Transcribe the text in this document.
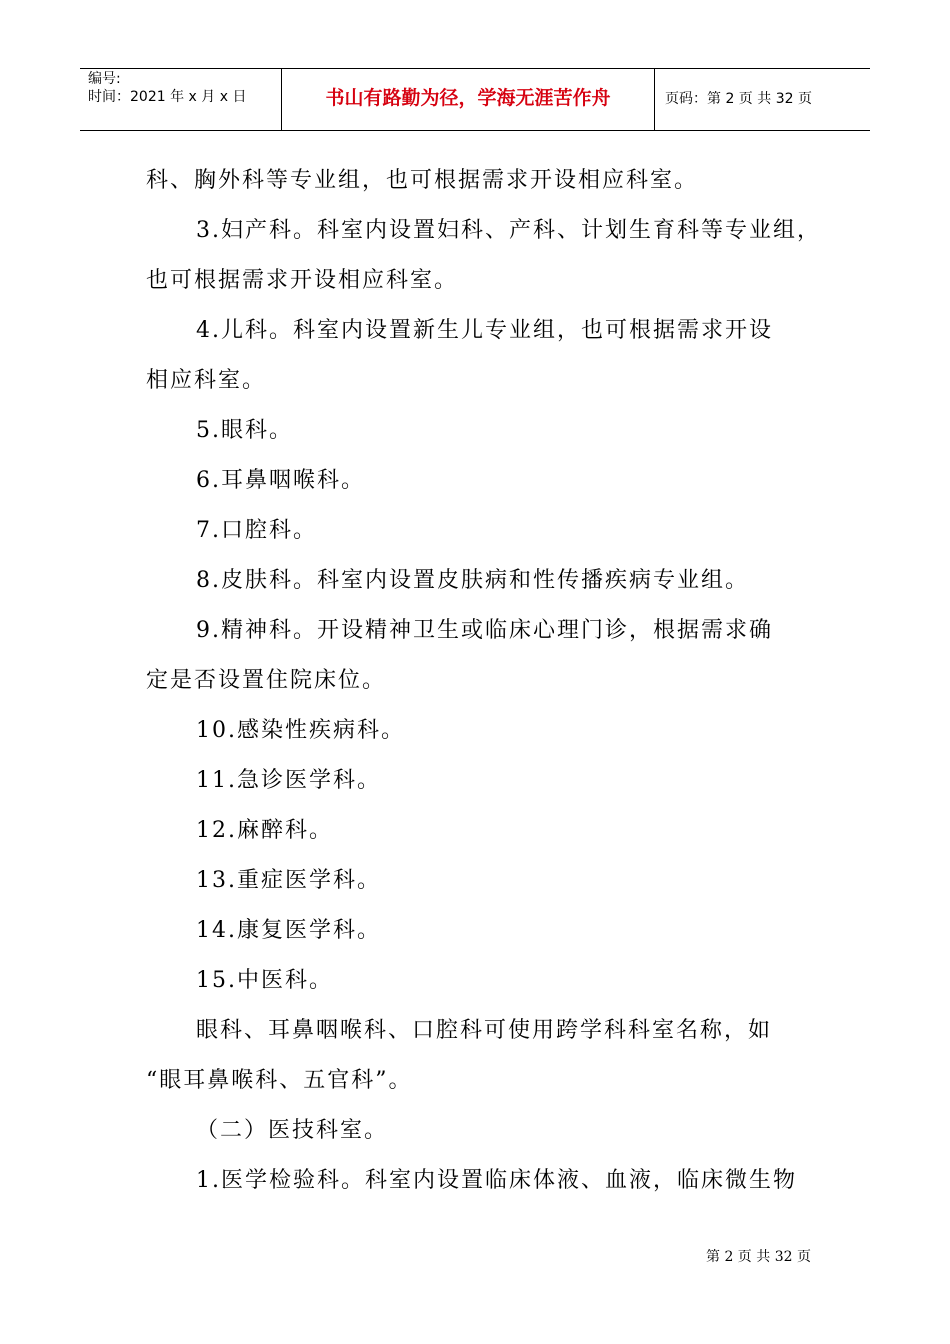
编号:
时间：2021 年 x 月 x 日	书山有路勤为径，学海无涯苦作舟	页码：第 2 页 共 32 页
科、胸外科等专业组，也可根据需求开设相应科室。
3.妇产科。科室内设置妇科、产科、计划生育科等专业组，
也可根据需求开设相应科室。
4.儿科。科室内设置新生儿专业组，也可根据需求开设
相应科室。
5.眼科。
6.耳鼻咽喉科。
7.口腔科。
8.皮肤科。科室内设置皮肤病和性传播疾病专业组。
9.精神科。开设精神卫生或临床心理门诊，根据需求确
定是否设置住院床位。
10.感染性疾病科。
11.急诊医学科。
12.麻醉科。
13.重症医学科。
14.康复医学科。
15.中医科。
眼科、耳鼻咽喉科、口腔科可使用跨学科科室名称，如
“眼耳鼻喉科、五官科”。
（二）医技科室。
1.医学检验科。科室内设置临床体液、血液，临床微生物
第 2 页 共 32 页
